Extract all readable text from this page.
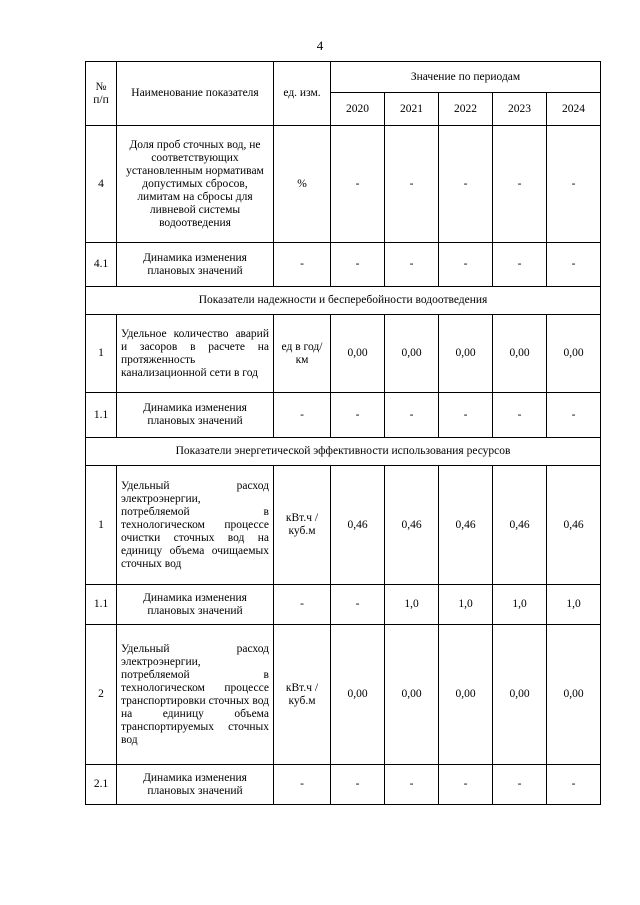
4
№ п/п	Наименование показателя	ед. изм.	Значение по периодам				
			2020	2021	2022	2023	2024
4	Доля проб сточных вод, не соответствующих установленным нормативам допустимых сбросов, лимитам на сбросы для ливневой системы водоотведения	%	-	-	-	-	-
4.1	Динамика изменения плановых значений	-	-	-	-	-	-
Показатели надежности и бесперебойности водоотведения							
1	Удельное количество аварий и засоров в расчете на протяженность канализационной сети в год	ед в год/ км	0,00	0,00	0,00	0,00	0,00
1.1	Динамика изменения плановых значений	-	-	-	-	-	-
Показатели энергетической эффективности использования ресурсов							
1	Удельный расход электроэнергии, потребляемой в технологическом процессе очистки сточных вод на единицу объема очищаемых сточных вод	кВт.ч / куб.м	0,46	0,46	0,46	0,46	0,46
1.1	Динамика изменения плановых значений	-	-	1,0	1,0	1,0	1,0
2	Удельный расход электроэнергии, потребляемой в технологическом процессе транспортировки сточных вод на единицу объема транспортируемых сточных вод	кВт.ч / куб.м	0,00	0,00	0,00	0,00	0,00
2.1	Динамика изменения плановых значений	-	-	-	-	-	-
